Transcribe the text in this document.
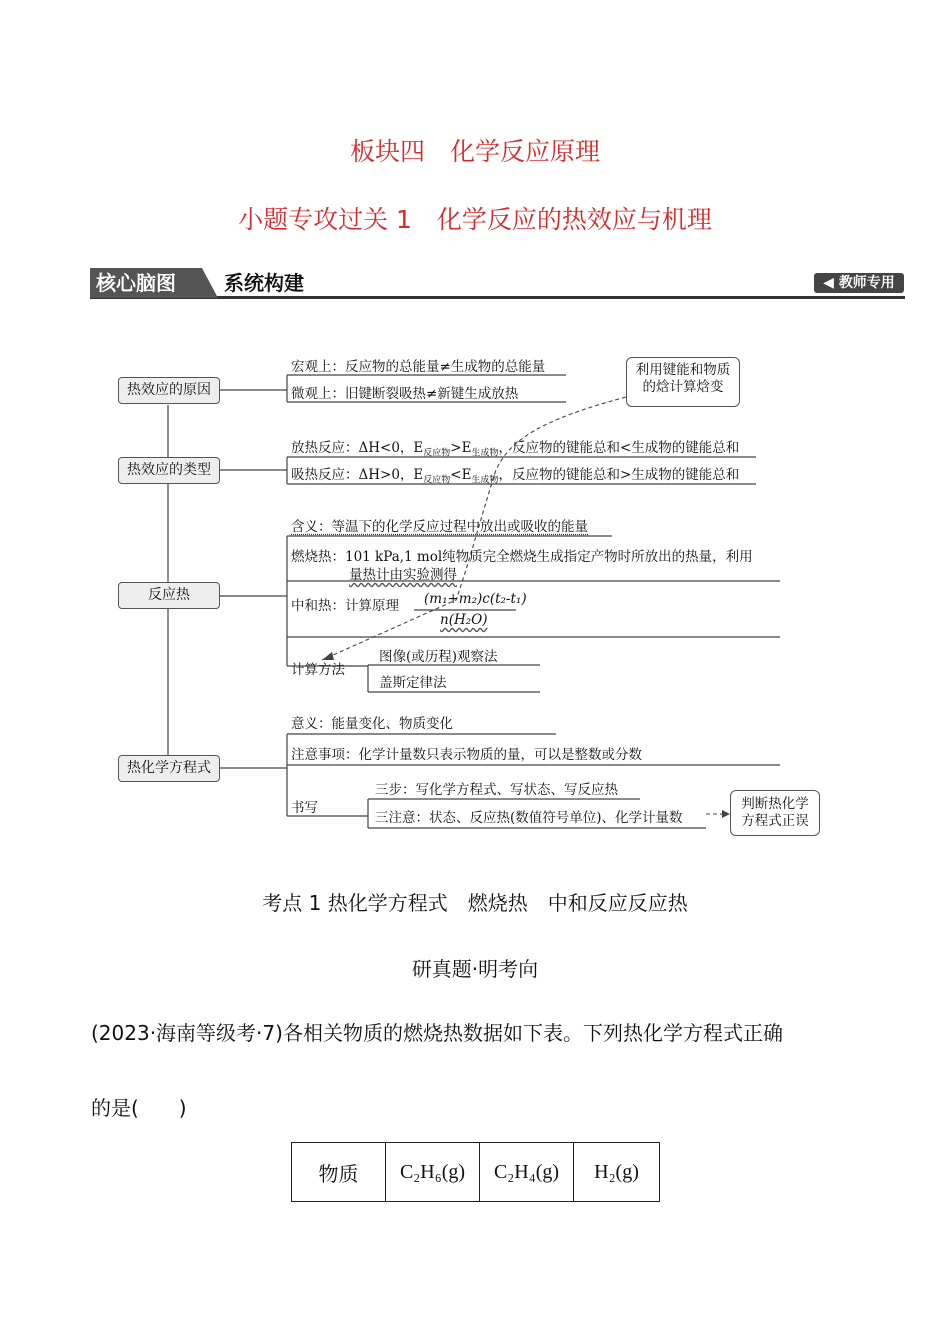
板块四　化学反应原理
小题专攻过关 1　化学反应的热效应与机理
核心脑图	系统构建	◀ 教师专用
热效应的原因
热效应的类型
反应热
热化学方程式
宏观上：反应物的总能量≠生成物的总能量
微观上：旧键断裂吸热≠新键生成放热
利用键能和物质
的焓计算焓变
放热反应：ΔH<0，$E_{反应物}>E_{生成物}$，反应物的键能总和<生成物的键能总和
吸热反应：ΔH>0，$E_{反应物}<E_{生成物}$，反应物的键能总和>生成物的键能总和
含义：等温下的化学反应过程中放出或吸收的能量
燃烧热：101 kPa,1 mol纯物质完全燃烧生成指定产物时所放出的热量，利用
量热计由实验测得
中和热：计算原理 (m₁+m₂)c(t₂-t₁)
n(H₂O)
计算方法
图像(或历程)观察法
盖斯定律法
意义：能量变化、物质变化
注意事项：化学计量数只表示物质的量，可以是整数或分数
书写
三步：写化学方程式、写状态、写反应热
三注意：状态、反应热(数值符号单位)、化学计量数
判断热化学
方程式正误
考点 1 热化学方程式　燃烧热　中和反应反应热
研真题·明考向
(2023·海南等级考·7)各相关物质的燃烧热数据如下表。下列热化学方程式正确
的是(　　)
物质	C₂H₆(g)	C₂H₄(g)	H₂(g)
